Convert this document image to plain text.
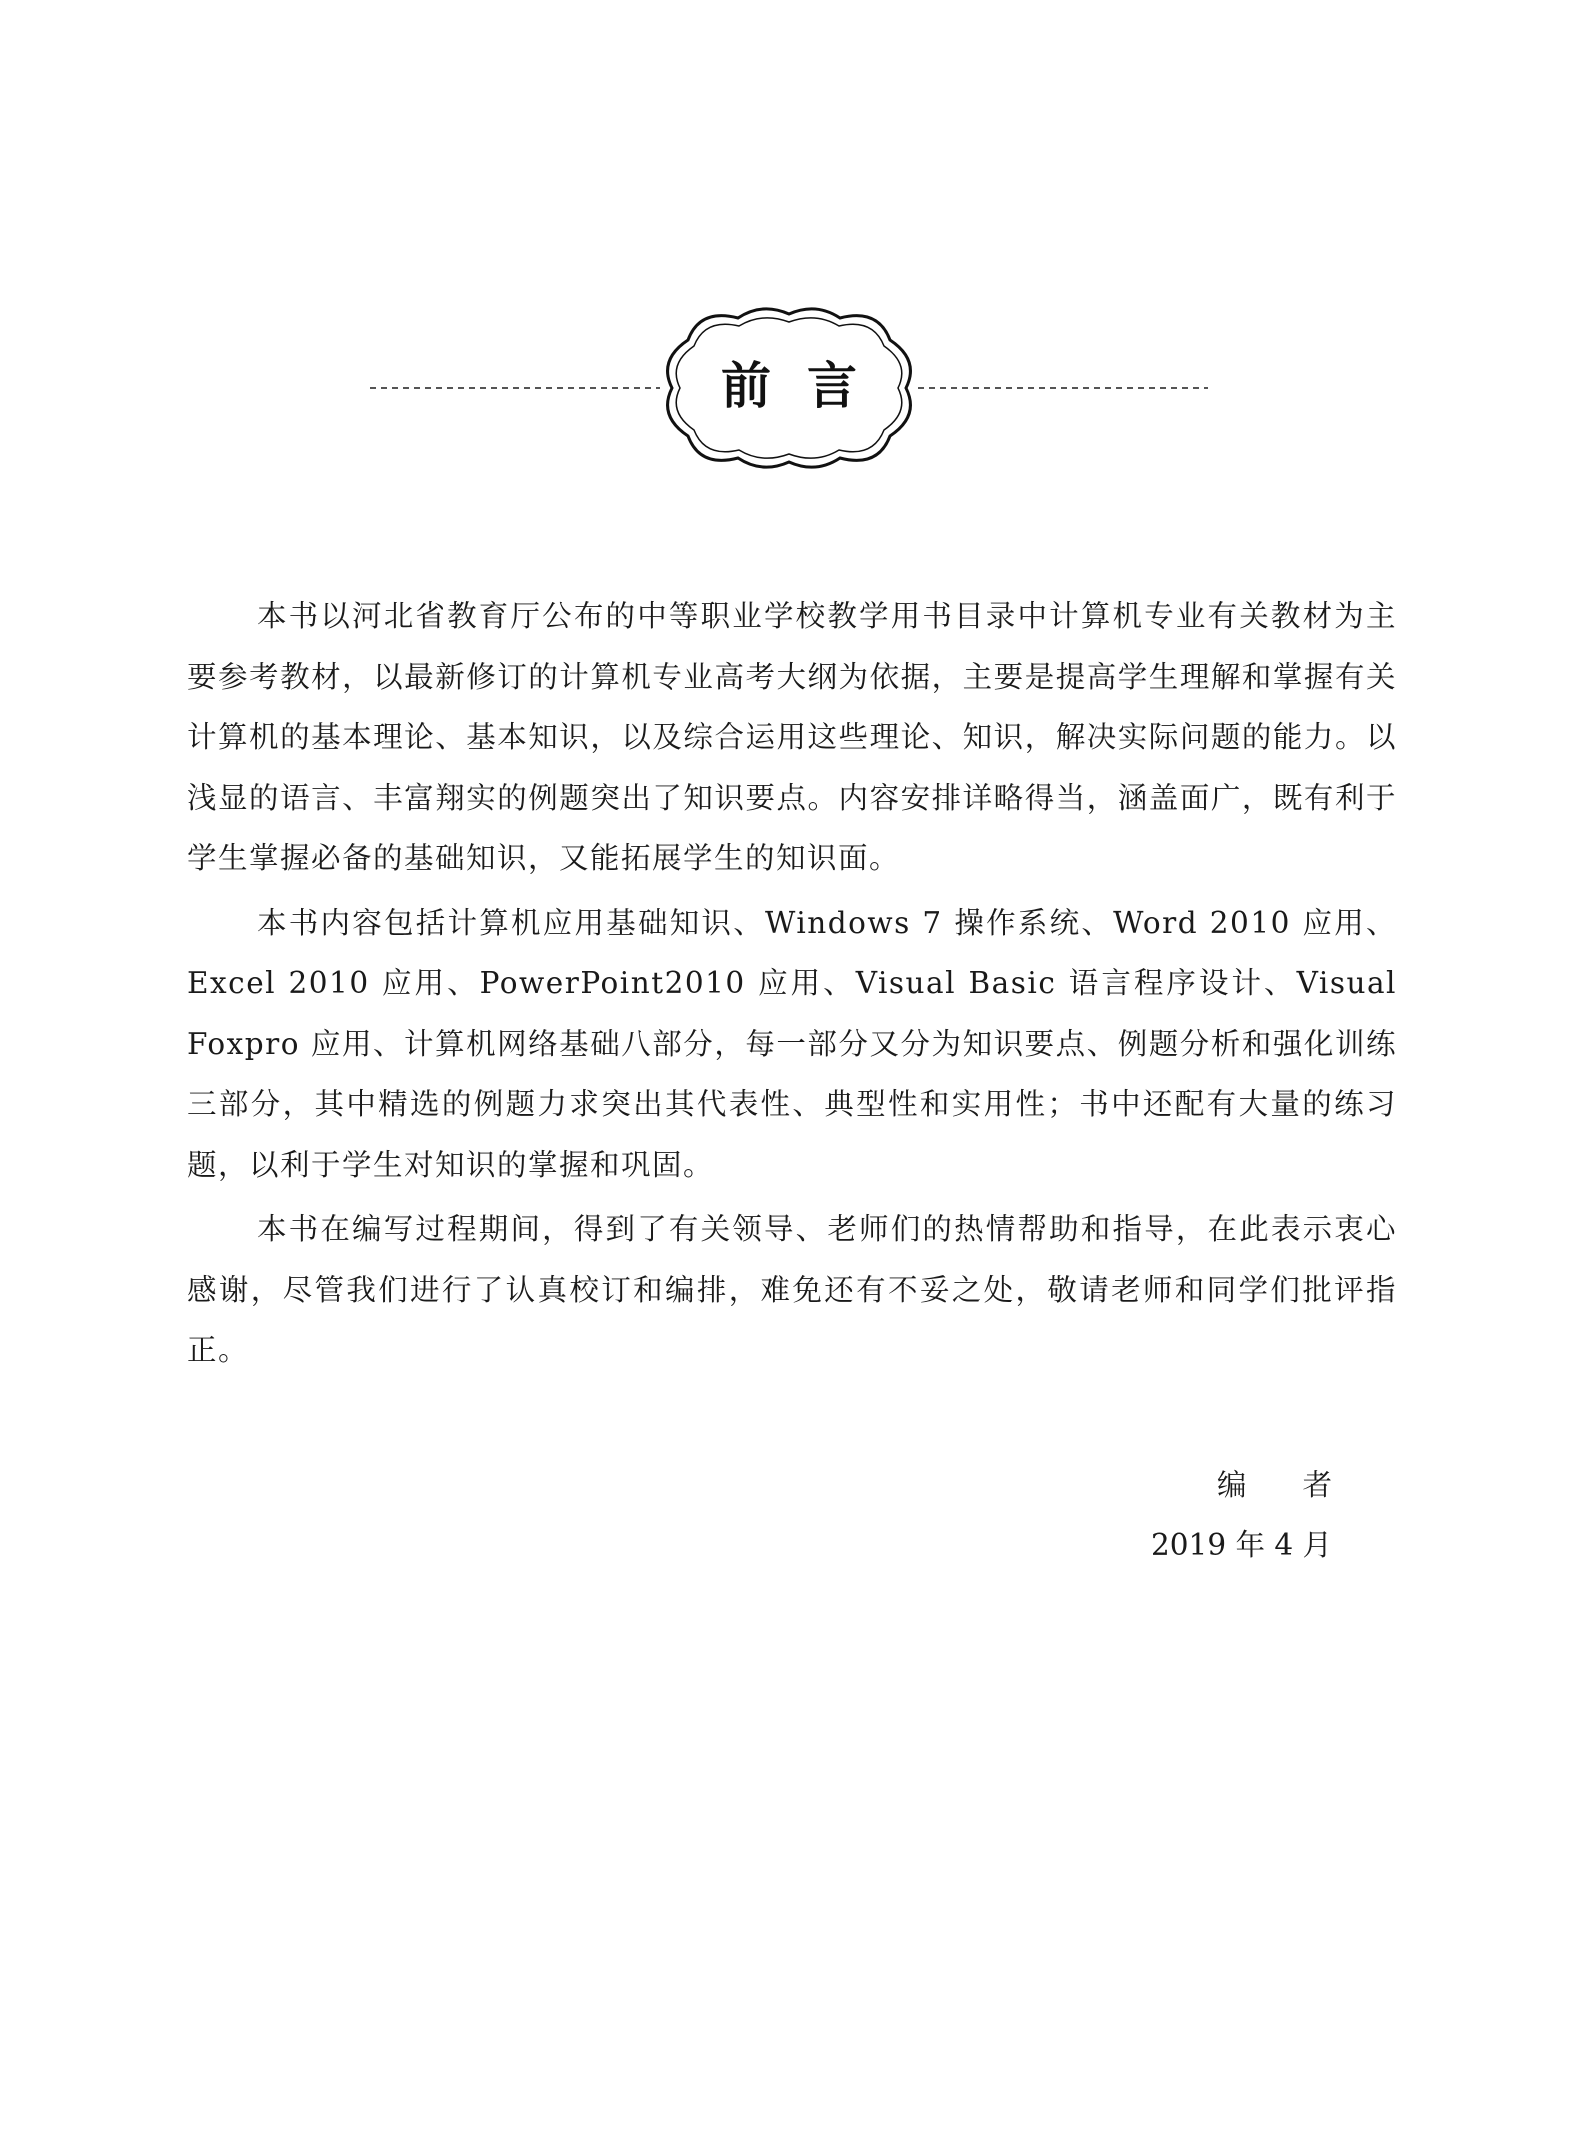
前言

本书以河北省教育厅公布的中等职业学校教学用书目录中计算机专业有关教材为主要参考教材，以最新修订的计算机专业高考大纲为依据，主要是提高学生理解和掌握有关计算机的基本理论、基本知识，以及综合运用这些理论、知识，解决实际问题的能力。以浅显的语言、丰富翔实的例题突出了知识要点。内容安排详略得当，涵盖面广，既有利于学生掌握必备的基础知识，又能拓展学生的知识面。

本书内容包括计算机应用基础知识、Windows 7 操作系统、Word 2010 应用、Excel 2010 应用、PowerPoint2010 应用、Visual Basic 语言程序设计、Visual Foxpro 应用、计算机网络基础八部分，每一部分又分为知识要点、例题分析和强化训练三部分，其中精选的例题力求突出其代表性、典型性和实用性；书中还配有大量的练习题，以利于学生对知识的掌握和巩固。

本书在编写过程期间，得到了有关领导、老师们的热情帮助和指导，在此表示衷心感谢，尽管我们进行了认真校订和编排，难免还有不妥之处，敬请老师和同学们批评指正。

编者
2019 年 4 月
